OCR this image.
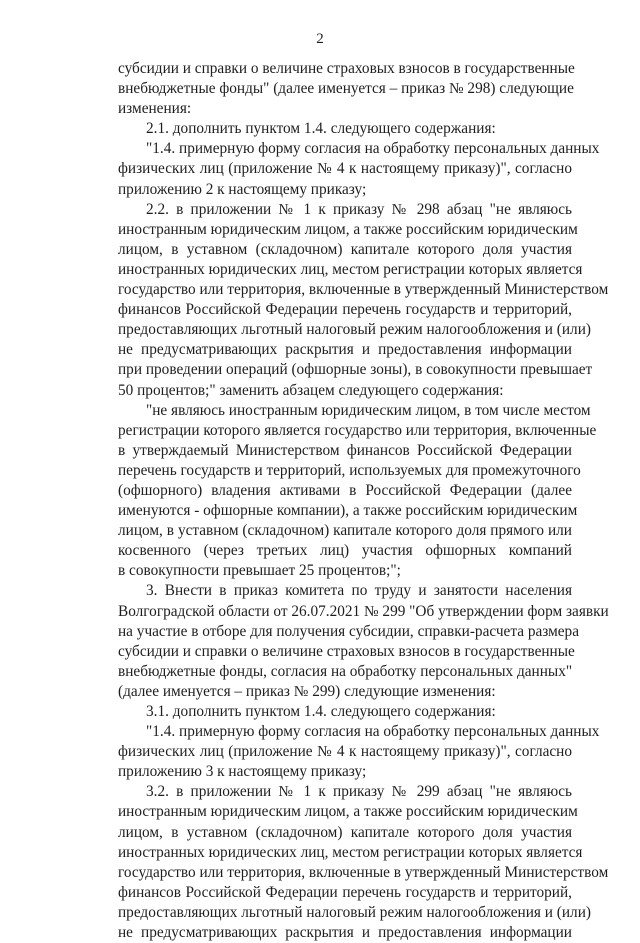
2
субсидии и справки о величине страховых взносов в государственные
внебюджетные фонды" (далее именуется – приказ № 298) следующие
изменения:
2.1. дополнить пунктом 1.4. следующего содержания:
"1.4. примерную форму согласия на обработку персональных данных
физических лиц (приложение № 4 к настоящему приказу)", согласно
приложению 2 к настоящему приказу;
2.2. в приложении № 1 к приказу № 298 абзац "не являюсь
иностранным юридическим лицом, а также российским юридическим
лицом, в уставном (складочном) капитале которого доля участия
иностранных юридических лиц, местом регистрации которых является
государство или территория, включенные в утвержденный Министерством
финансов Российской Федерации перечень государств и территорий,
предоставляющих льготный налоговый режим налогообложения и (или)
не предусматривающих раскрытия и предоставления информации
при проведении операций (офшорные зоны), в совокупности превышает
50 процентов;" заменить абзацем следующего содержания:
"не являюсь иностранным юридическим лицом, в том числе местом
регистрации которого является государство или территория, включенные
в утверждаемый Министерством финансов Российской Федерации
перечень государств и территорий, используемых для промежуточного
(офшорного) владения активами в Российской Федерации (далее
именуются - офшорные компании), а также российским юридическим
лицом, в уставном (складочном) капитале которого доля прямого или
косвенного (через третьих лиц) участия офшорных компаний
в совокупности превышает 25 процентов;";
3. Внести в приказ комитета по труду и занятости населения
Волгоградской области от 26.07.2021 № 299 "Об утверждении форм заявки
на участие в отборе для получения субсидии, справки-расчета размера
субсидии и справки о величине страховых взносов в государственные
внебюджетные фонды, согласия на обработку персональных данных"
(далее именуется – приказ № 299) следующие изменения:
3.1. дополнить пунктом 1.4. следующего содержания:
"1.4. примерную форму согласия на обработку персональных данных
физических лиц (приложение № 4 к настоящему приказу)", согласно
приложению 3 к настоящему приказу;
3.2. в приложении № 1 к приказу № 299 абзац "не являюсь
иностранным юридическим лицом, а также российским юридическим
лицом, в уставном (складочном) капитале которого доля участия
иностранных юридических лиц, местом регистрации которых является
государство или территория, включенные в утвержденный Министерством
финансов Российской Федерации перечень государств и территорий,
предоставляющих льготный налоговый режим налогообложения и (или)
не предусматривающих раскрытия и предоставления информации
